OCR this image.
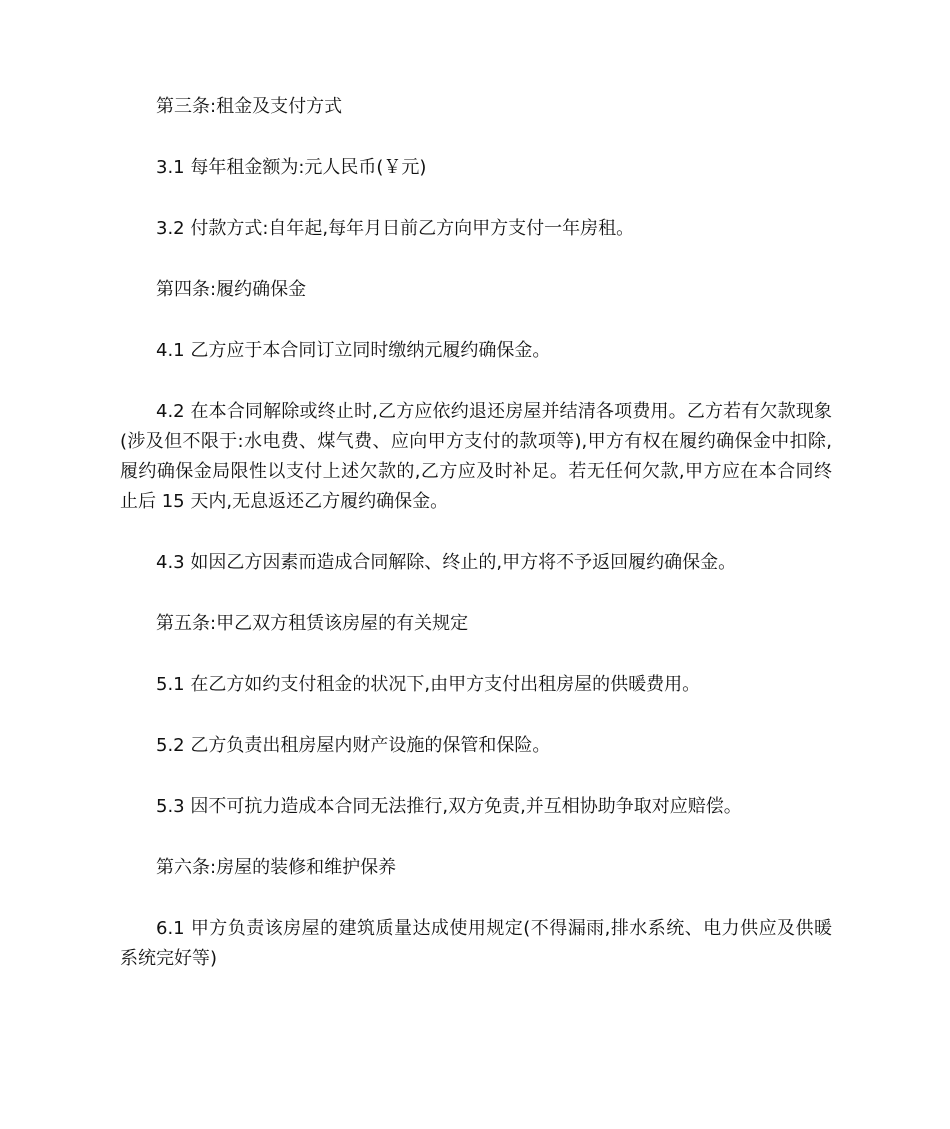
第三条:租金及支付方式

3.1 每年租金额为:元人民币(￥元)

3.2 付款方式:自年起,每年月日前乙方向甲方支付一年房租。

第四条:履约确保金

4.1 乙方应于本合同订立同时缴纳元履约确保金。

4.2 在本合同解除或终止时,乙方应依约退还房屋并结清各项费用。乙方若有欠款现象(涉及但不限于:水电费、煤气费、应向甲方支付的款项等),甲方有权在履约确保金中扣除,履约确保金局限性以支付上述欠款的,乙方应及时补足。若无任何欠款,甲方应在本合同终止后 15 天内,无息返还乙方履约确保金。

4.3 如因乙方因素而造成合同解除、终止的,甲方将不予返回履约确保金。

第五条:甲乙双方租赁该房屋的有关规定

5.1 在乙方如约支付租金的状况下,由甲方支付出租房屋的供暖费用。

5.2 乙方负责出租房屋内财产设施的保管和保险。

5.3 因不可抗力造成本合同无法推行,双方免责,并互相协助争取对应赔偿。

第六条:房屋的装修和维护保养

6.1 甲方负责该房屋的建筑质量达成使用规定(不得漏雨,排水系统、电力供应及供暖系统完好等)
